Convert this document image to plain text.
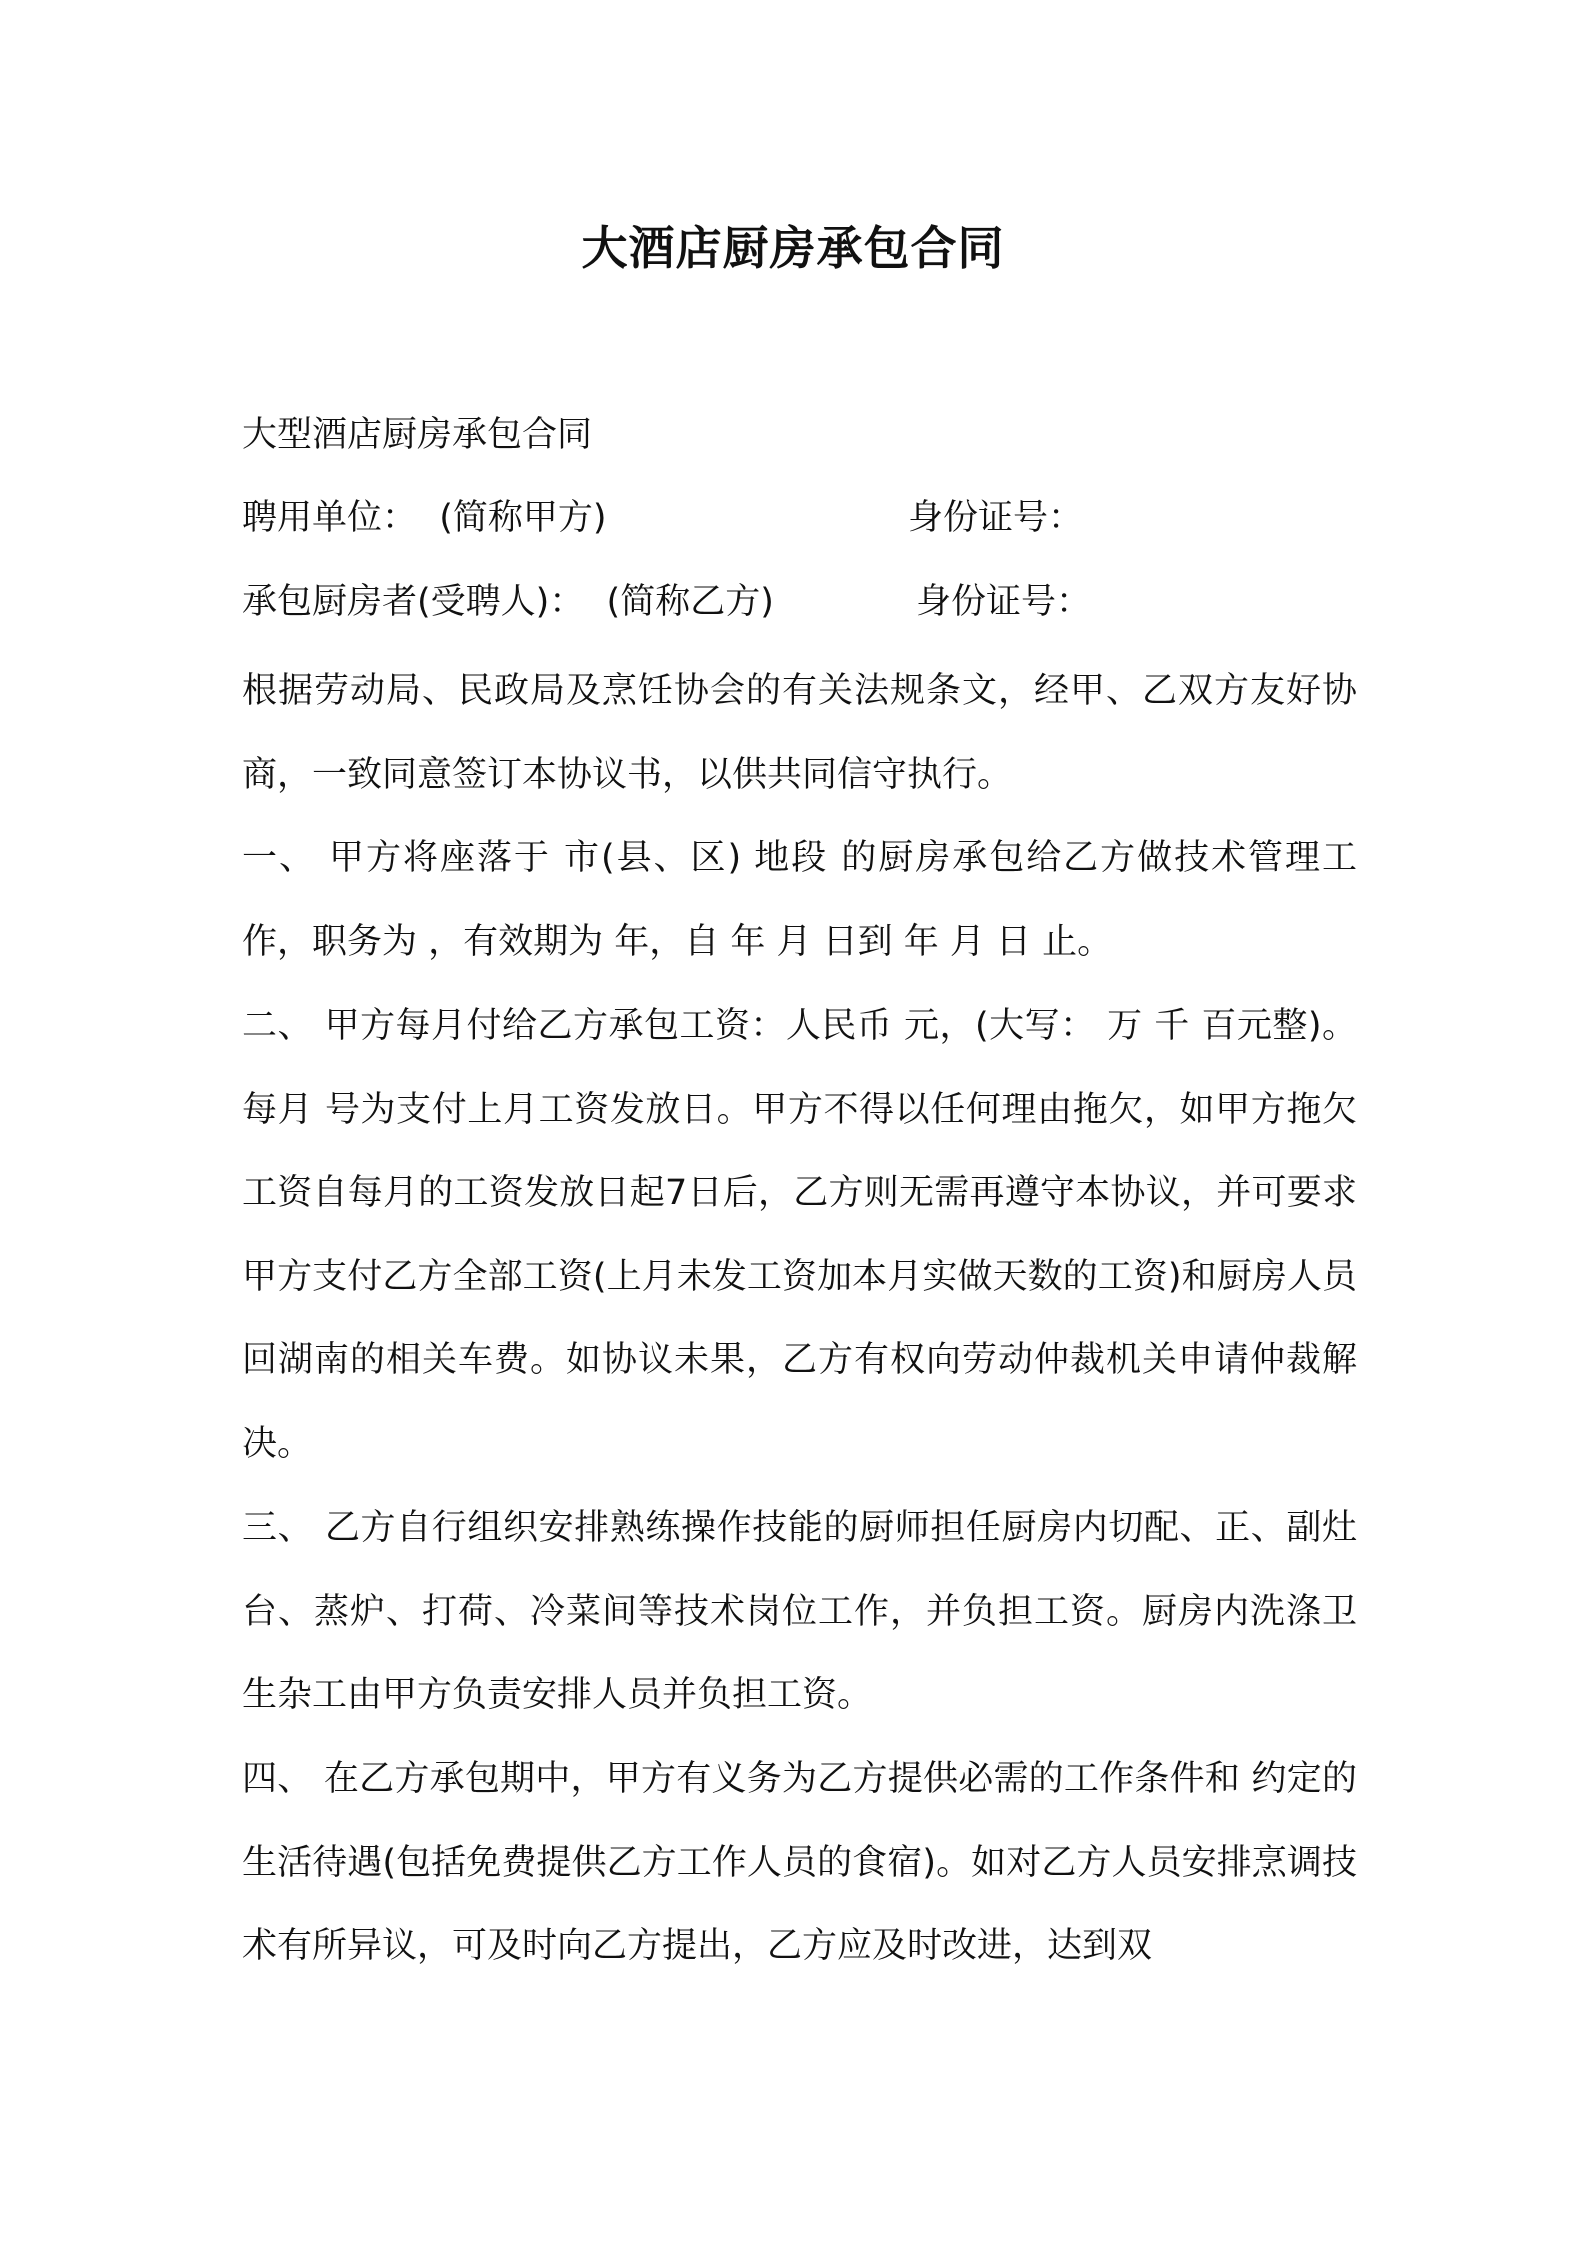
大酒店厨房承包合同
大型酒店厨房承包合同
聘用单位：  (简称甲方)	身份证号：
承包厨房者(受聘人)：  (简称乙方)	身份证号：
根据劳动局、民政局及烹饪协会的有关法规条文，经甲、乙双方友好协商，一致同意签订本协议书，以供共同信守执行。
一、 甲方将座落于 市(县、区) 地段 的厨房承包给乙方做技术管理工作，职务为 ，有效期为 年，自 年 月 日到 年 月 日 止。
二、 甲方每月付给乙方承包工资：人民币 元，(大写： 万 千 百元整)。每月 号为支付上月工资发放日。甲方不得以任何理由拖欠，如甲方拖欠工资自每月的工资发放日起7日后，乙方则无需再遵守本协议，并可要求甲方支付乙方全部工资(上月未发工资加本月实做天数的工资)和厨房人员回湖南的相关车费。如协议未果，乙方有权向劳动仲裁机关申请仲裁解决。
三、 乙方自行组织安排熟练操作技能的厨师担任厨房内切配、正、副灶台、蒸炉、打荷、冷菜间等技术岗位工作，并负担工资。厨房内洗涤卫生杂工由甲方负责安排人员并负担工资。
四、 在乙方承包期中，甲方有义务为乙方提供必需的工作条件和 约定的生活待遇(包括免费提供乙方工作人员的食宿)。如对乙方人员安排烹调技术有所异议，可及时向乙方提出，乙方应及时改进，达到双
